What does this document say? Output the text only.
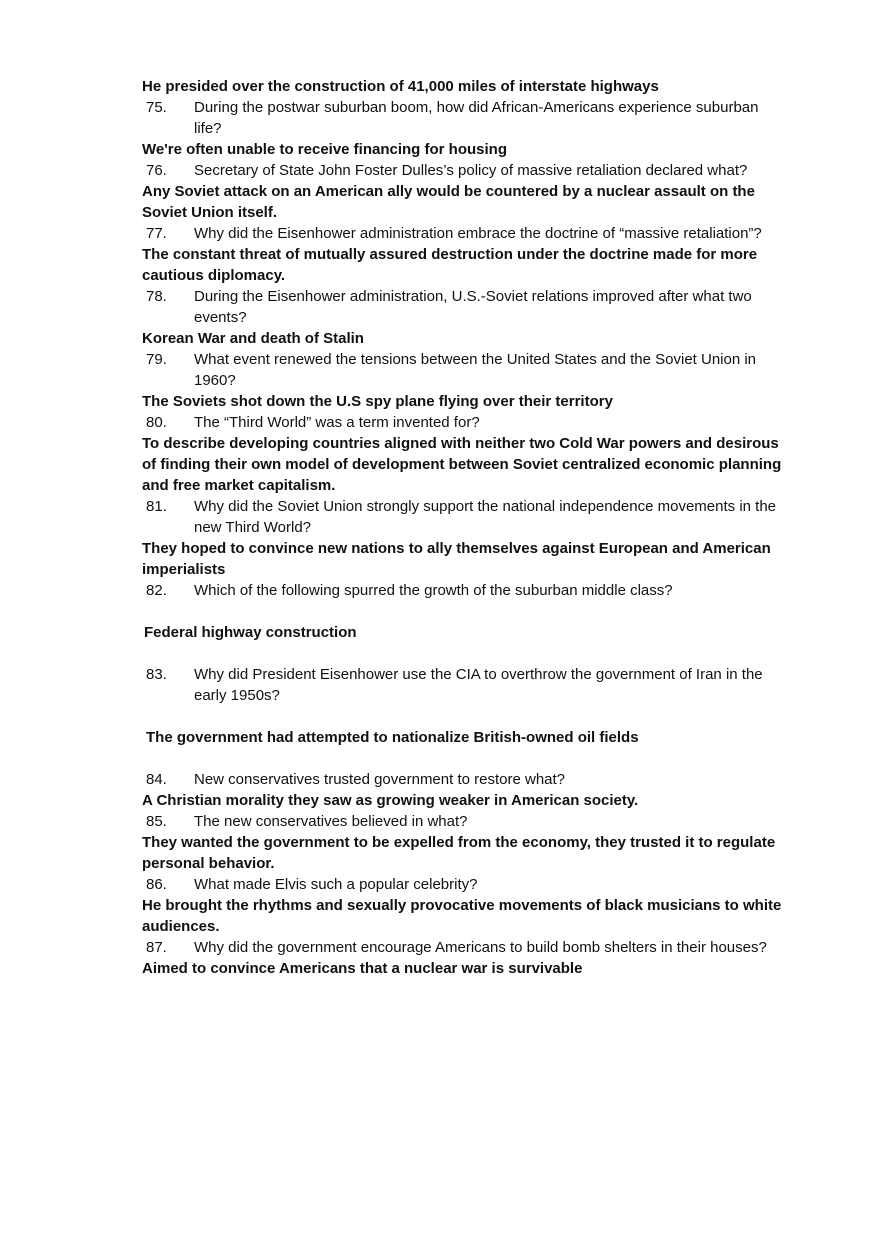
He presided over the construction of 41,000 miles of interstate highways

75.	During the postwar suburban boom, how did African-Americans experience suburban life?

We're often unable to receive financing for housing

76.	Secretary of State John Foster Dulles’s policy of massive retaliation declared what?

Any Soviet attack on an American ally would be countered by a nuclear assault on the Soviet Union itself.

77.	Why did the Eisenhower administration embrace the doctrine of “massive retaliation”?

The constant threat of mutually assured destruction under the doctrine made for more cautious diplomacy.

78.	During the Eisenhower administration, U.S.-Soviet relations improved after what two events?

Korean War and death of Stalin

79.	What event renewed the tensions between the United States and the Soviet Union in 1960?

The Soviets shot down the U.S spy plane flying over their territory

80.	The “Third World” was a term invented for?

To describe developing countries aligned with neither two Cold War powers and desirous of finding their own model of development between Soviet centralized economic planning and free market capitalism.

81.	Why did the Soviet Union strongly support the national independence movements in the new Third World?

They hoped to convince new nations to ally themselves against European and American imperialists

82.	Which of the following spurred the growth of the suburban middle class?

Federal highway construction

83.	Why did President Eisenhower use the CIA to overthrow the government of Iran in the early 1950s?

The government had attempted to nationalize British-owned oil fields

84.	New conservatives trusted government to restore what?

A Christian morality they saw as growing weaker in American society.

85.	The new conservatives believed in what?

They wanted the government to be expelled from the economy, they trusted it to regulate personal behavior.

86.	What made Elvis such a popular celebrity?

He brought the rhythms and sexually provocative movements of black musicians to white audiences.

87.	Why did the government encourage Americans to build bomb shelters in their houses?

Aimed to convince Americans that a nuclear war is survivable
